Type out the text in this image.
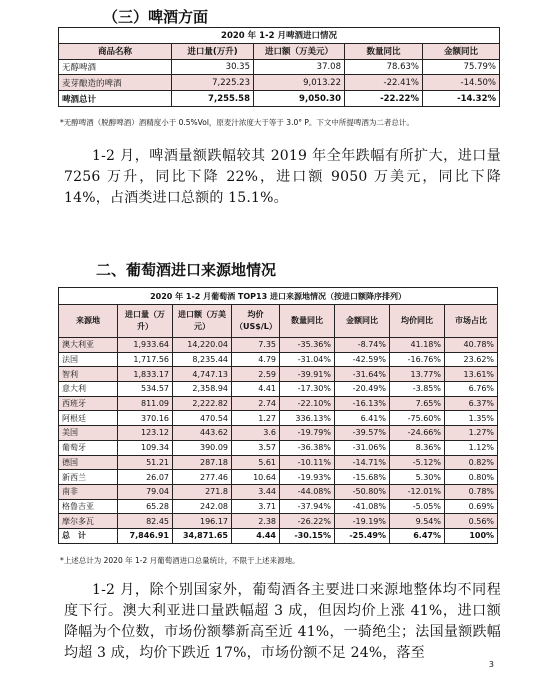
（三）啤酒方面
2020 年 1-2 月啤酒进口情况				
商品名称	进口量(万升)	进口额（万美元）	数量同比	金额同比
无醇啤酒	30.35	37.08	78.63%	75.79%
麦芽酿造的啤酒	7,225.23	9,013.22	-22.41%	-14.50%
啤酒总计	7,255.58	9,050.30	-22.22%	-14.32%
*无醇啤酒（脱醇啤酒）酒精度小于 0.5%Vol，原麦汁浓度大于等于 3.0° P。下文中所提啤酒为二者总计。
1-2 月，啤酒量额跌幅较其 2019 年全年跌幅有所扩大，进口量 7256 万升，同比下降 22%，进口额 9050 万美元，同比下降 14%，占酒类进口总额的 15.1%。
二、葡萄酒进口来源地情况
2020 年 1-2 月葡萄酒 TOP13 进口来源地情况（按进口额降序排列）							
来源地	进口量（万升）	进口额（万美元）	均价（US$/L）	数量同比	金额同比	均价同比	市场占比
澳大利亚	1,933.64	14,220.04	7.35	-35.36%	-8.74%	41.18%	40.78%
法国	1,717.56	8,235.44	4.79	-31.04%	-42.59%	-16.76%	23.62%
智利	1,833.17	4,747.13	2.59	-39.91%	-31.64%	13.77%	13.61%
意大利	534.57	2,358.94	4.41	-17.30%	-20.49%	-3.85%	6.76%
西班牙	811.09	2,222.82	2.74	-22.10%	-16.13%	7.65%	6.37%
阿根廷	370.16	470.54	1.27	336.13%	6.41%	-75.60%	1.35%
美国	123.12	443.62	3.6	-19.79%	-39.57%	-24.66%	1.27%
葡萄牙	109.34	390.09	3.57	-36.38%	-31.06%	8.36%	1.12%
德国	51.21	287.18	5.61	-10.11%	-14.71%	-5.12%	0.82%
新西兰	26.07	277.46	10.64	-19.93%	-15.68%	5.30%	0.80%
南非	79.04	271.8	3.44	-44.08%	-50.80%	-12.01%	0.78%
格鲁吉亚	65.28	242.08	3.71	-37.94%	-41.08%	-5.05%	0.69%
摩尔多瓦	82.45	196.17	2.38	-26.22%	-19.19%	9.54%	0.56%
总　计	7,846.91	34,871.65	4.44	-30.15%	-25.49%	6.47%	100%
*上述总计为 2020 年 1-2 月葡萄酒进口总量统计，不限于上述来源地。
1-2 月，除个别国家外，葡萄酒各主要进口来源地整体均不同程度下行。澳大利亚进口量跌幅超 3 成，但因均价上涨 41%，进口额降幅为个位数，市场份额攀新高至近 41%，一骑绝尘；法国量额跌幅均超 3 成，均价下跌近 17%，市场份额不足 24%，落至
3
